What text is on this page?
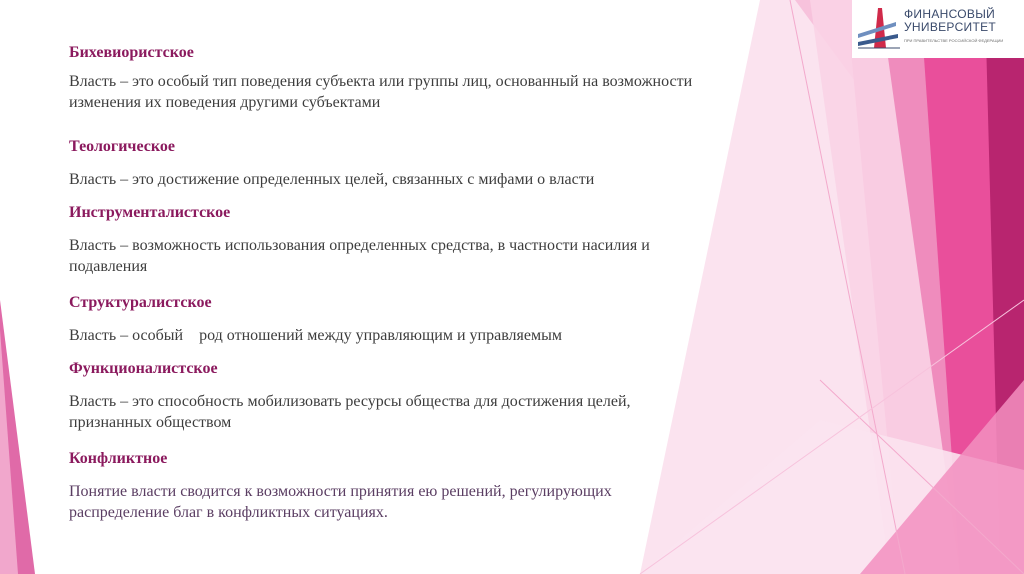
ФИНАНСОВЫЙ
УНИВЕРСИТЕТ
ПРИ ПРАВИТЕЛЬСТВЕ РОССИЙСКОЙ ФЕДЕРАЦИИ

Бихевиористское

Власть – это особый тип поведения субъекта или группы лиц, основанный на возможности

изменения их поведения другими субъектами

Теологическое

Власть – это достижение определенных целей, связанных с мифами о власти

Инструменталистское

Власть – возможность использования определенных средства, в частности насилия и

подавления

Структуралистское

Власть – особый    род отношений между управляющим и управляемым

Функционалистское

Власть – это способность мобилизовать ресурсы общества для достижения целей,

признанных обществом

Конфликтное

Понятие власти сводится к возможности принятия ею решений, регулирующих

распределение благ в конфликтных ситуациях.
